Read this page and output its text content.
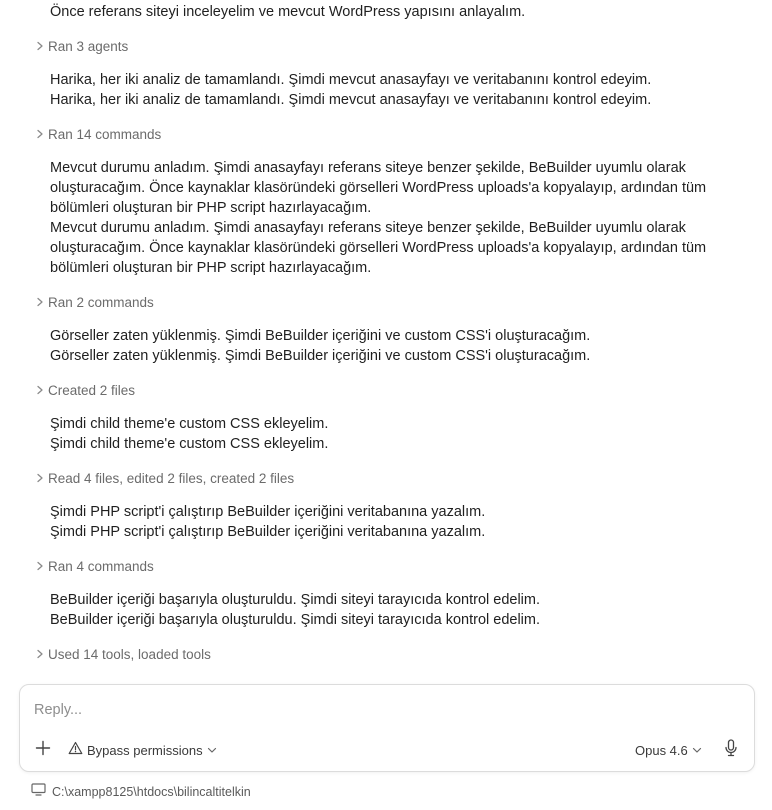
Önce referans siteyi inceleyelim ve mevcut WordPress yapısını anlayalım.
Ran 3 agents
Harika, her iki analiz de tamamlandı. Şimdi mevcut anasayfayı ve veritabanını kontrol edeyim.
Harika, her iki analiz de tamamlandı. Şimdi mevcut anasayfayı ve veritabanını kontrol edeyim.
Ran 14 commands
Mevcut durumu anladım. Şimdi anasayfayı referans siteye benzer şekilde, BeBuilder uyumlu olarak
oluşturacağım. Önce kaynaklar klasöründeki görselleri WordPress uploads'a kopyalayıp, ardından tüm
bölümleri oluşturan bir PHP script hazırlayacağım.
Mevcut durumu anladım. Şimdi anasayfayı referans siteye benzer şekilde, BeBuilder uyumlu olarak
oluşturacağım. Önce kaynaklar klasöründeki görselleri WordPress uploads'a kopyalayıp, ardından tüm
bölümleri oluşturan bir PHP script hazırlayacağım.
Ran 2 commands
Görseller zaten yüklenmiş. Şimdi BeBuilder içeriğini ve custom CSS'i oluşturacağım.
Görseller zaten yüklenmiş. Şimdi BeBuilder içeriğini ve custom CSS'i oluşturacağım.
Created 2 files
Şimdi child theme'e custom CSS ekleyelim.
Şimdi child theme'e custom CSS ekleyelim.
Read 4 files, edited 2 files, created 2 files
Şimdi PHP script'i çalıştırıp BeBuilder içeriğini veritabanına yazalım.
Şimdi PHP script'i çalıştırıp BeBuilder içeriğini veritabanına yazalım.
Ran 4 commands
BeBuilder içeriği başarıyla oluşturuldu. Şimdi siteyi tarayıcıda kontrol edelim.
BeBuilder içeriği başarıyla oluşturuldu. Şimdi siteyi tarayıcıda kontrol edelim.
Used 14 tools, loaded tools
Reply...
Bypass permissions	Opus 4.6
C:\xampp8125\htdocs\bilincaltitelkin
